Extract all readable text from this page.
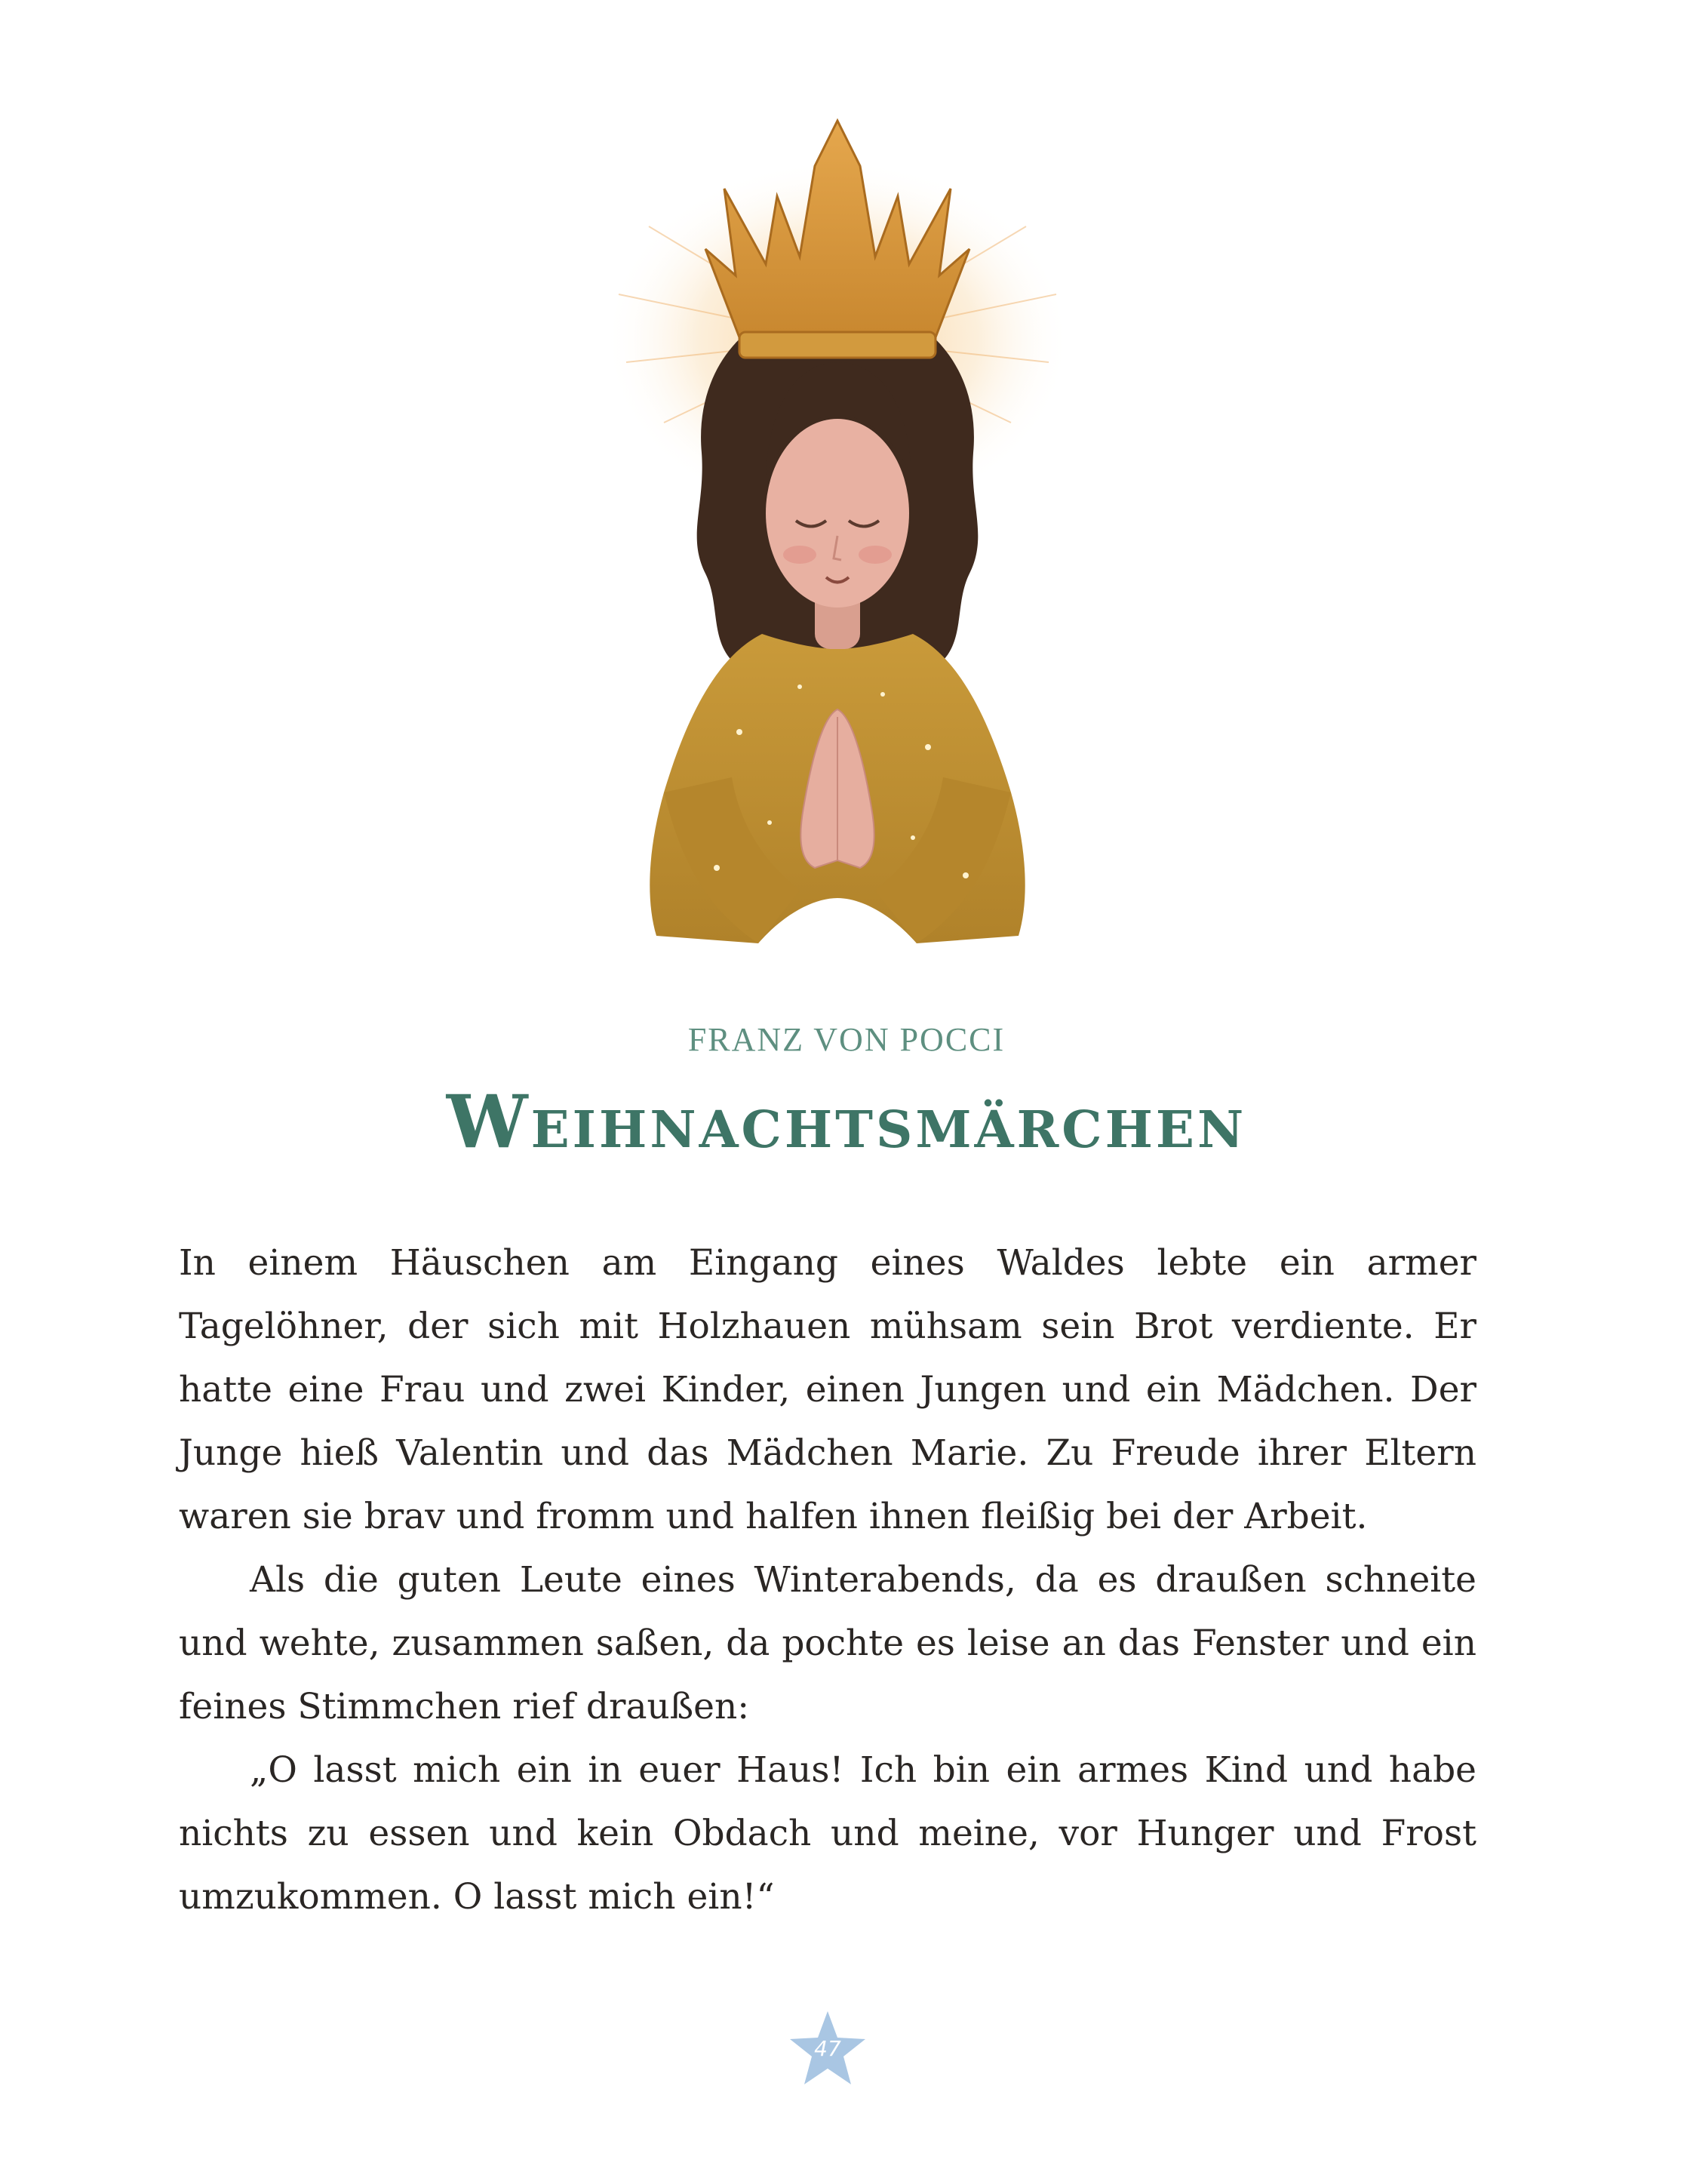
FRANZ VON POCCI
Weihnachtsmärchen

In einem Häuschen am Eingang eines Waldes lebte ein armer Tagelöhner, der sich mit Holzhauen mühsam sein Brot verdiente. Er hatte eine Frau und zwei Kinder, einen Jungen und ein Mädchen. Der Junge hieß Valentin und das Mädchen Marie. Zu Freude ihrer Eltern waren sie brav und fromm und halfen ihnen fleißig bei der Arbeit.

Als die guten Leute eines Winterabends, da es draußen schneite und wehte, zusammen saßen, da pochte es leise an das Fenster und ein feines Stimmchen rief draußen:

„O lasst mich ein in euer Haus! Ich bin ein armes Kind und habe nichts zu essen und kein Obdach und meine, vor Hunger und Frost umzukommen. O lasst mich ein!“

47
